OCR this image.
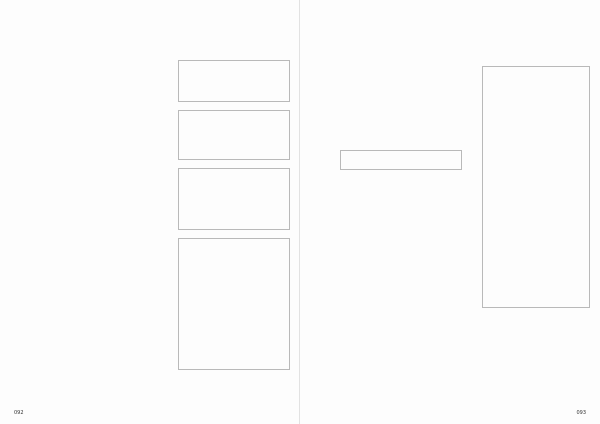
092	093
